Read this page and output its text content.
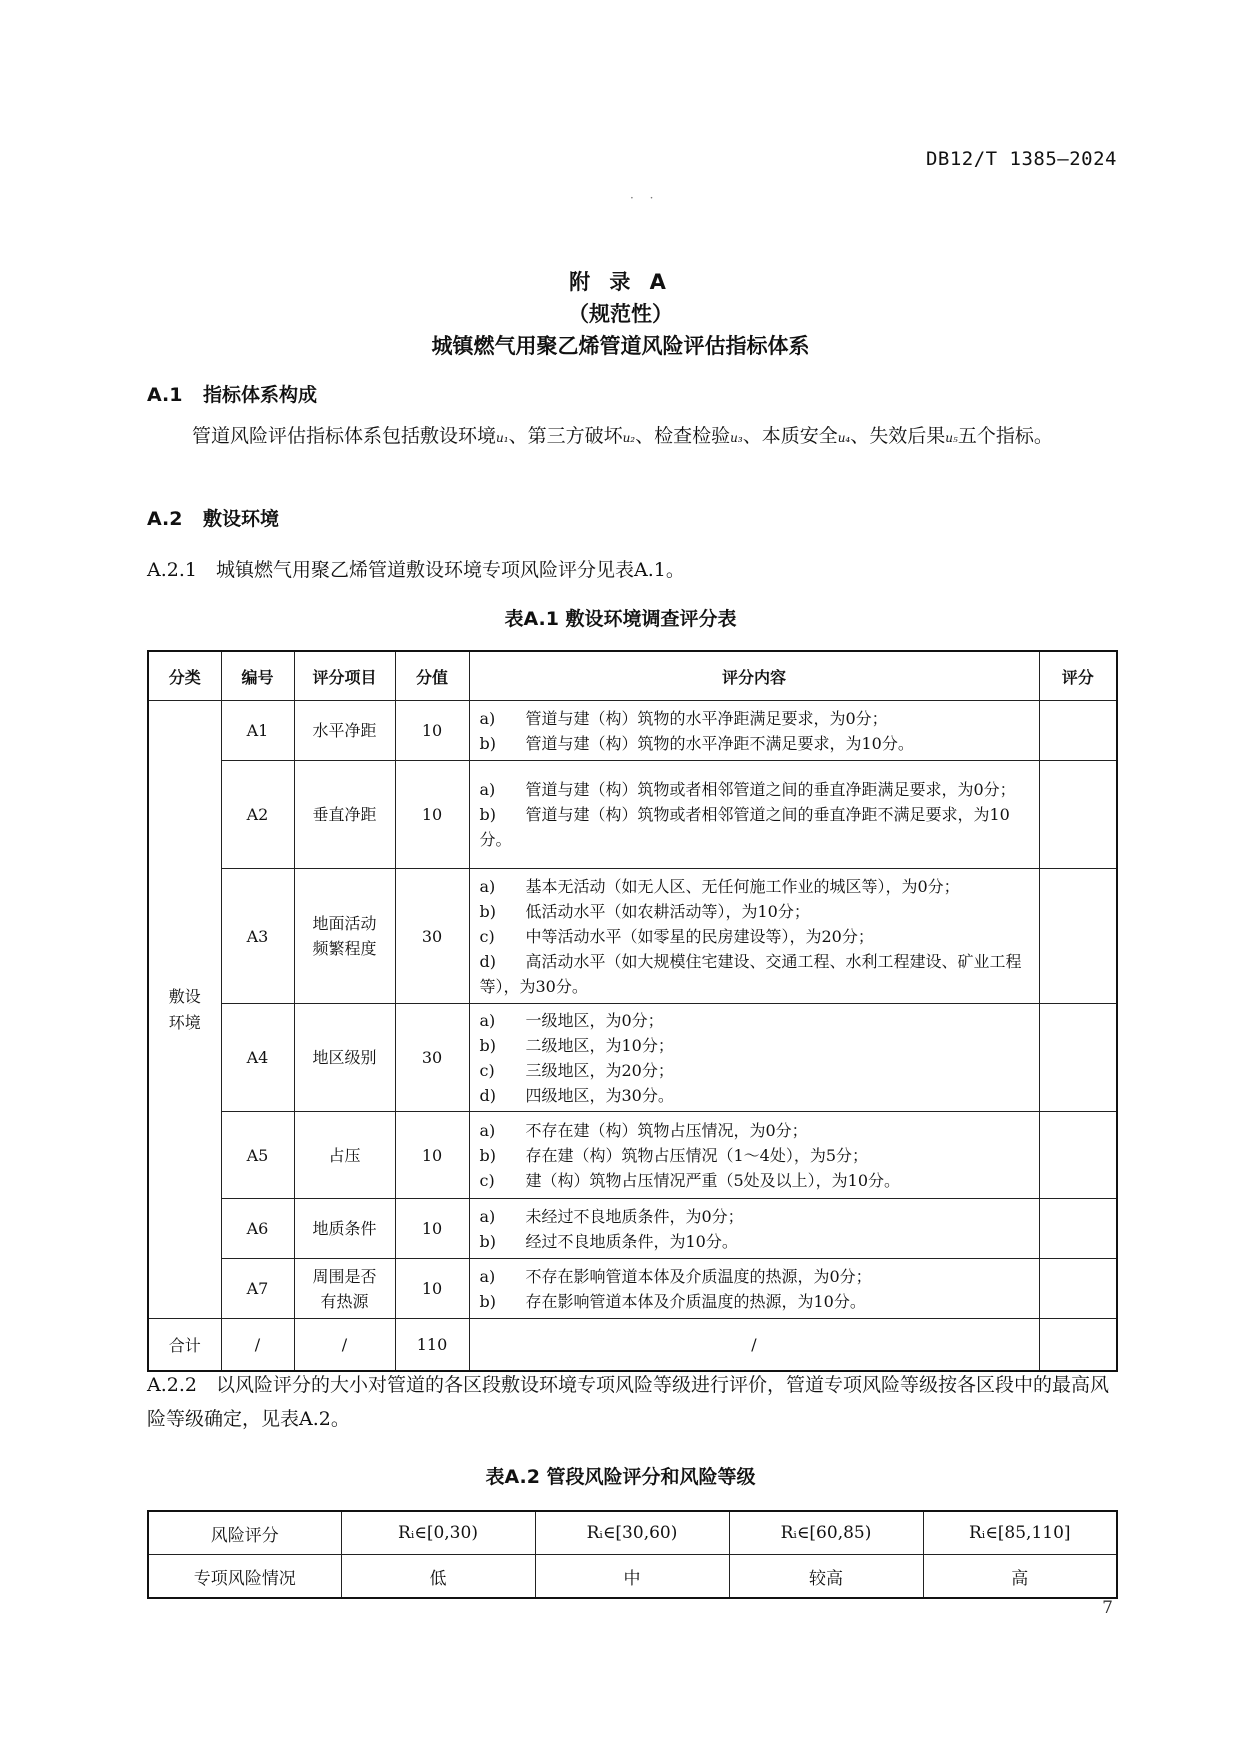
DB12/T 1385—2024
· ·
附 录 A
（规范性）
城镇燃气用聚乙烯管道风险评估指标体系
A.1 指标体系构成
管道风险评估指标体系包括敷设环境u₁、第三方破坏u₂、检查检验u₃、本质安全u₄、失效后果u₅五个指标。
A.2 敷设环境
A.2.1　城镇燃气用聚乙烯管道敷设环境专项风险评分见表A.1。
表A.1 敷设环境调查评分表
分类	编号	评分项目	分值	评分内容	评分
敷设环境	A1	水平净距	10	a) 管道与建（构）筑物的水平净距满足要求，为0分；
b) 管道与建（构）筑物的水平净距不满足要求，为10分。	

	A2	垂直净距	10	a) 管道与建（构）筑物或者相邻管道之间的垂直净距满足要求，为0分；
b) 管道与建（构）筑物或者相邻管道之间的垂直净距不满足要求，为10分。	

	A3	地面活动频繁程度	30	a) 基本无活动（如无人区、无任何施工作业的城区等），为0分；
b) 低活动水平（如农耕活动等），为10分；
c) 中等活动水平（如零星的民房建设等），为20分；
d) 高活动水平（如大规模住宅建设、交通工程、水利工程建设、矿业工程等），为30分。	

	A4	地区级别	30	a) 一级地区，为0分；
b) 二级地区，为10分；
c) 三级地区，为20分；
d) 四级地区，为30分。	

	A5	占压	10	a) 不存在建（构）筑物占压情况，为0分；
b) 存在建（构）筑物占压情况（1～4处），为5分；
c) 建（构）筑物占压情况严重（5处及以上），为10分。	

	A6	地质条件	10	a) 未经过不良地质条件，为0分；
b) 经过不良地质条件，为10分。	

	A7	周围是否有热源	10	a) 不存在影响管道本体及介质温度的热源，为0分；
b) 存在影响管道本体及介质温度的热源，为10分。	

合计	/	/	110	/	
A.2.2　以风险评分的大小对管道的各区段敷设环境专项风险等级进行评价，管道专项风险等级按各区段中的最高风险等级确定，见表A.2。
表A.2 管段风险评分和风险等级
风险评分	Rᵢ∈[0,30)	Rᵢ∈[30,60)	Rᵢ∈[60,85)	Rᵢ∈[85,110]
专项风险情况	低	中	较高	高
7
